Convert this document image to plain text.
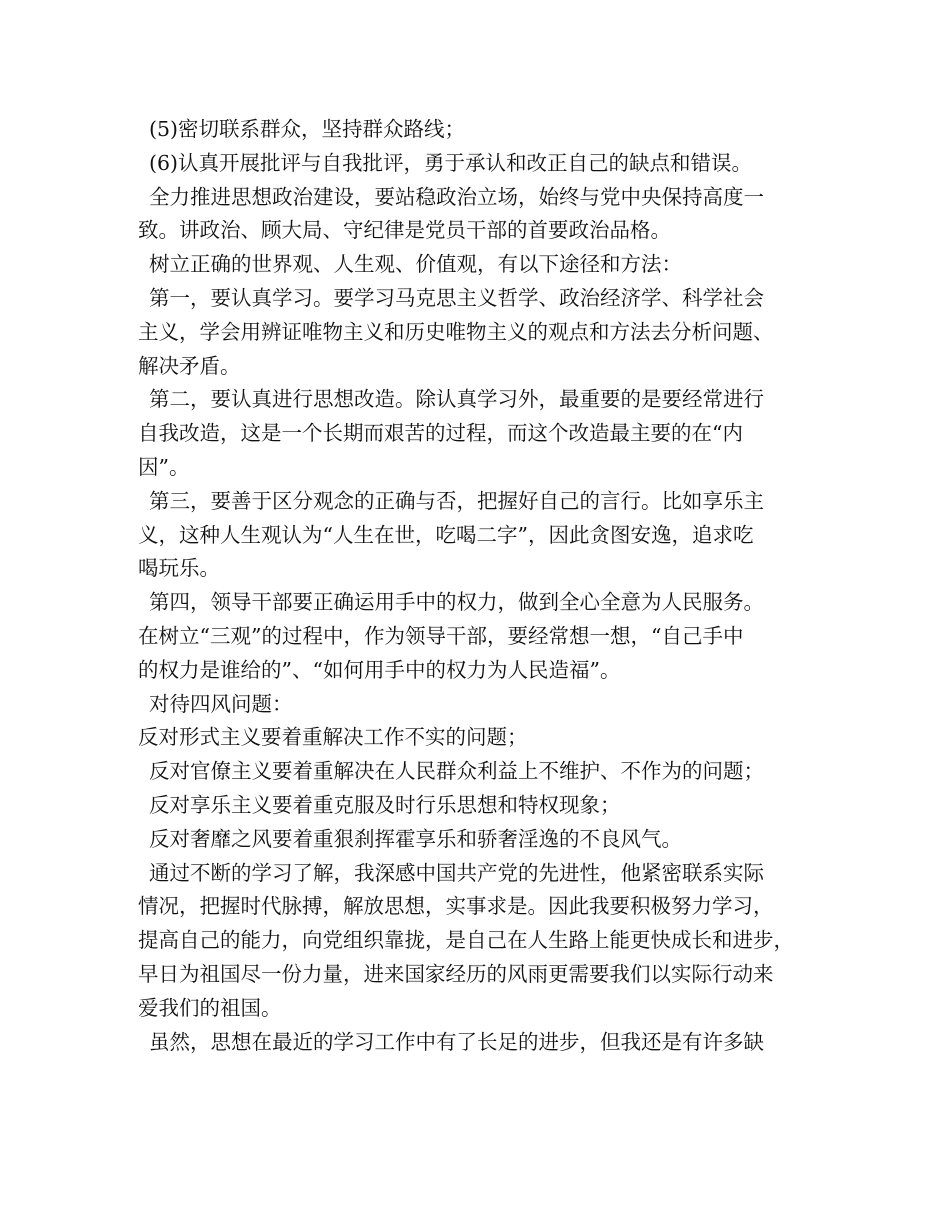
(5)密切联系群众，坚持群众路线；
(6)认真开展批评与自我批评，勇于承认和改正自己的缺点和错误。
全力推进思想政治建设，要站稳政治立场，始终与党中央保持高度一
致。讲政治、顾大局、守纪律是党员干部的首要政治品格。
树立正确的世界观、人生观、价值观，有以下途径和方法：
第一，要认真学习。要学习马克思主义哲学、政治经济学、科学社会
主义，学会用辨证唯物主义和历史唯物主义的观点和方法去分析问题、
解决矛盾。
第二，要认真进行思想改造。除认真学习外，最重要的是要经常进行
自我改造，这是一个长期而艰苦的过程，而这个改造最主要的在“内
因”。
第三，要善于区分观念的正确与否，把握好自己的言行。比如享乐主
义，这种人生观认为“人生在世，吃喝二字”，因此贪图安逸，追求吃
喝玩乐。
第四，领导干部要正确运用手中的权力，做到全心全意为人民服务。
在树立“三观”的过程中，作为领导干部，要经常想一想，“自己手中
的权力是谁给的”、“如何用手中的权力为人民造福”。
对待四风问题：
反对形式主义要着重解决工作不实的问题；
反对官僚主义要着重解决在人民群众利益上不维护、不作为的问题；
反对享乐主义要着重克服及时行乐思想和特权现象；
反对奢靡之风要着重狠刹挥霍享乐和骄奢淫逸的不良风气。
通过不断的学习了解，我深感中国共产党的先进性，他紧密联系实际
情况，把握时代脉搏，解放思想，实事求是。因此我要积极努力学习，
提高自己的能力，向党组织靠拢，是自己在人生路上能更快成长和进步，
早日为祖国尽一份力量，进来国家经历的风雨更需要我们以实际行动来
爱我们的祖国。
虽然，思想在最近的学习工作中有了长足的进步，但我还是有许多缺
